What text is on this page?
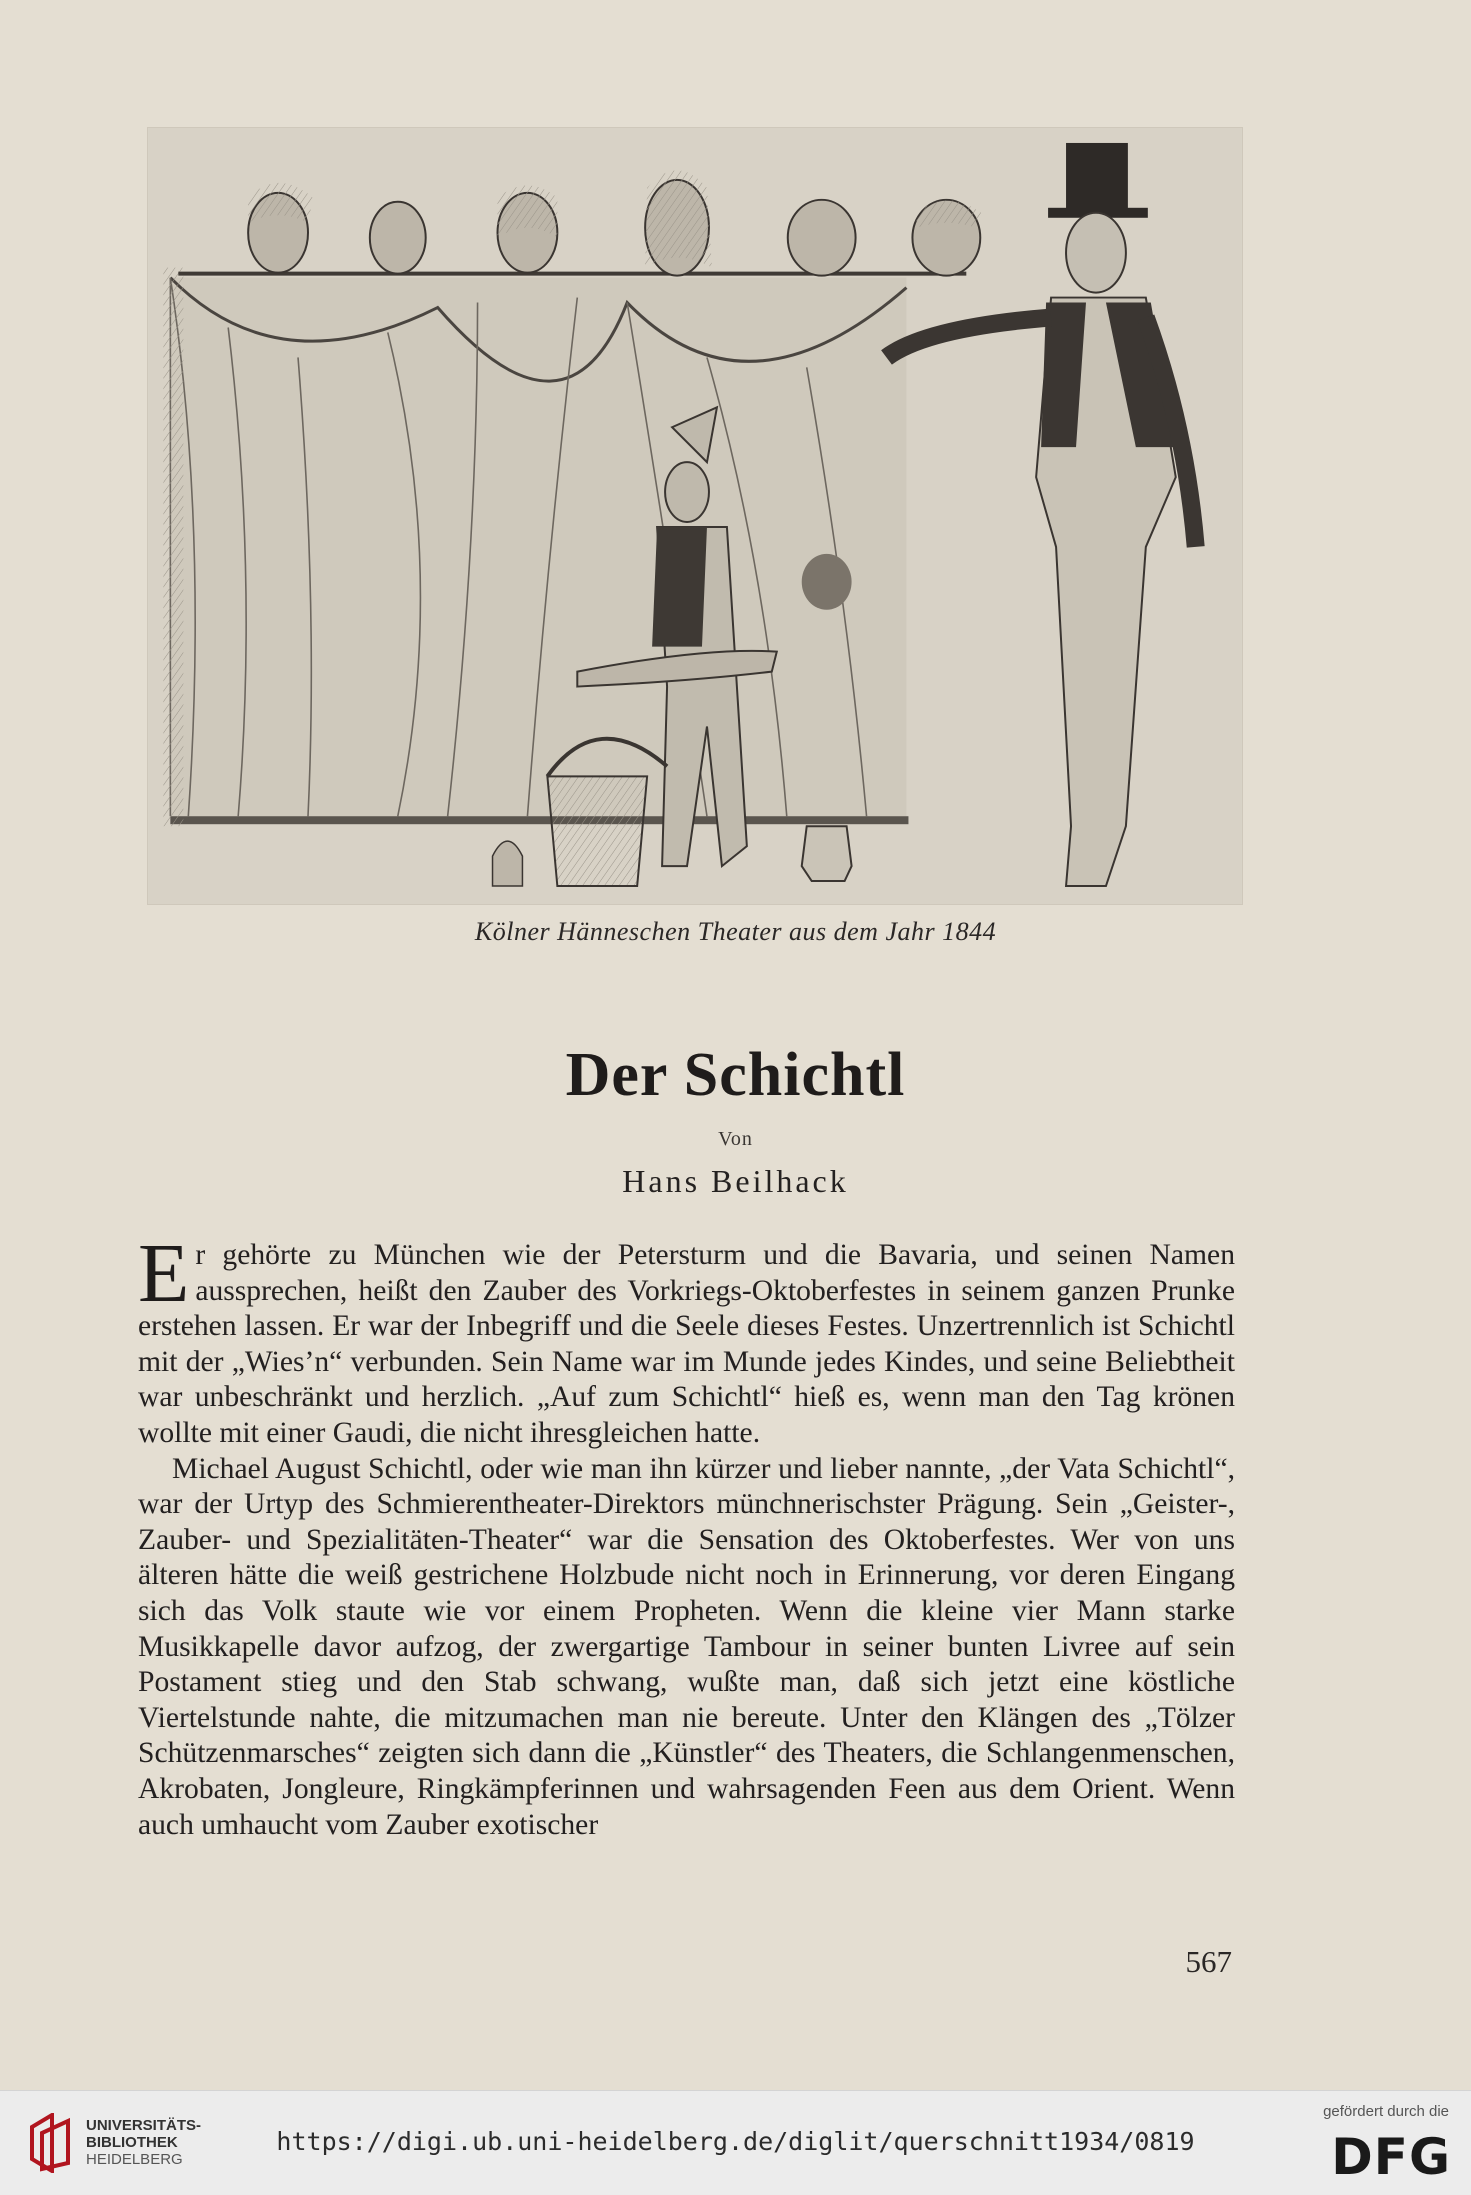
Kölner Hänneschen Theater aus dem Jahr 1844
Der Schichtl
Von
Hans Beilhack

Er gehörte zu München wie der Petersturm und die Bavaria, und seinen Namen aussprechen, heißt den Zauber des Vorkriegs-Oktoberfestes in seinem ganzen Prunke erstehen lassen. Er war der Inbegriff und die Seele dieses Festes. Unzertrennlich ist Schichtl mit der „Wies’n“ verbunden. Sein Name war im Munde jedes Kindes, und seine Beliebtheit war unbeschränkt und herzlich. „Auf zum Schichtl“ hieß es, wenn man den Tag krönen wollte mit einer Gaudi, die nicht ihresgleichen hatte.

Michael August Schichtl, oder wie man ihn kürzer und lieber nannte, „der Vata Schichtl“, war der Urtyp des Schmierentheater-Direktors münchnerischster Prägung. Sein „Geister-, Zauber- und Spezialitäten-Theater“ war die Sensation des Oktoberfestes. Wer von uns älteren hätte die weiß gestrichene Holzbude nicht noch in Erinnerung, vor deren Eingang sich das Volk staute wie vor einem Propheten. Wenn die kleine vier Mann starke Musikkapelle davor aufzog, der zwergartige Tambour in seiner bunten Livree auf sein Postament stieg und den Stab schwang, wußte man, daß sich jetzt eine köstliche Viertelstunde nahte, die mitzumachen man nie bereute. Unter den Klängen des „Tölzer Schützenmarsches“ zeigten sich dann die „Künstler“ des Theaters, die Schlangenmenschen, Akrobaten, Jongleure, Ringkämpferinnen und wahrsagenden Feen aus dem Orient. Wenn auch umhaucht vom Zauber exotischer

567
UNIVERSITÄTS-
BIBLIOTHEK
HEIDELBERG
https://digi.ub.uni-heidelberg.de/diglit/querschnitt1934/0819
gefördert durch die
DFG
